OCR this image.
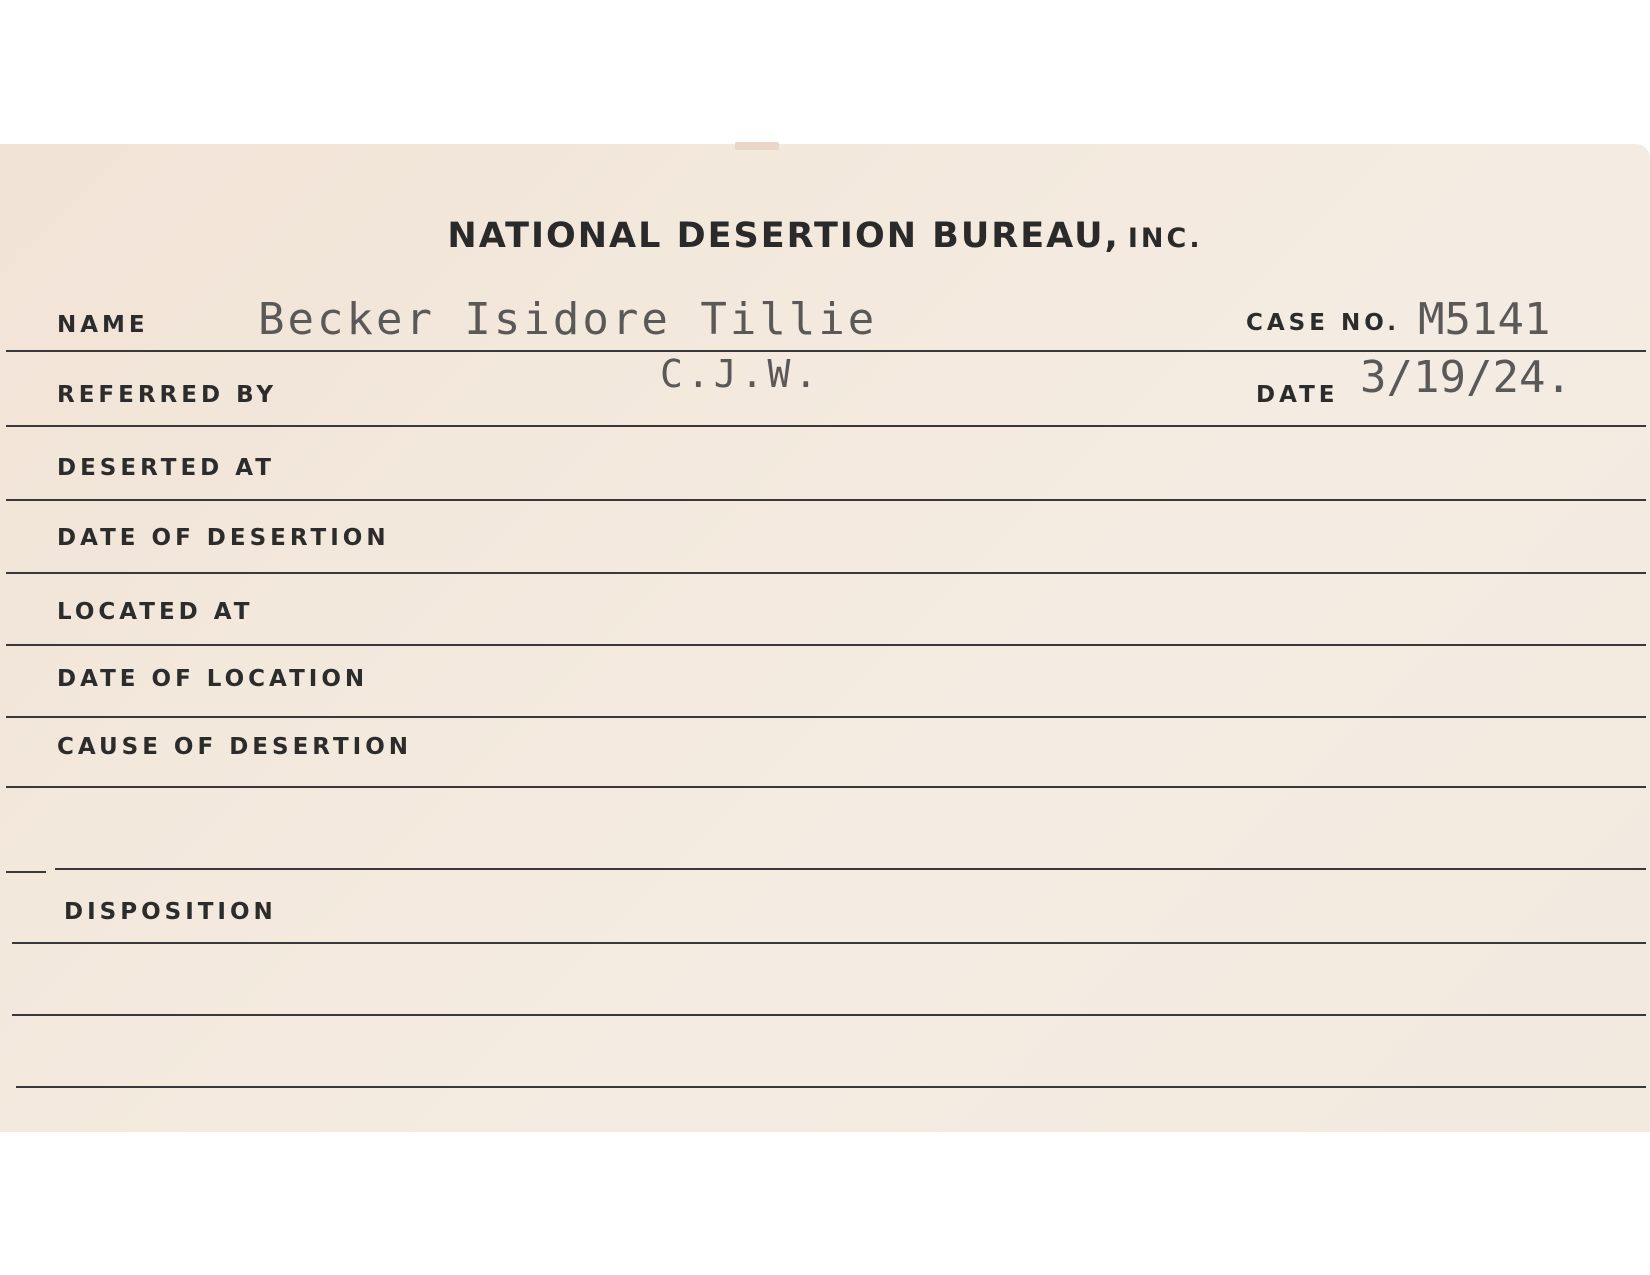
NATIONAL DESERTION BUREAU, INC.
NAME Becker Isidore Tillie	CASE NO. M5141
REFERRED BY	C.J.W.	DATE 3/19/24.
DESERTED AT
DATE OF DESERTION
LOCATED AT
DATE OF LOCATION
CAUSE OF DESERTION
DISPOSITION
